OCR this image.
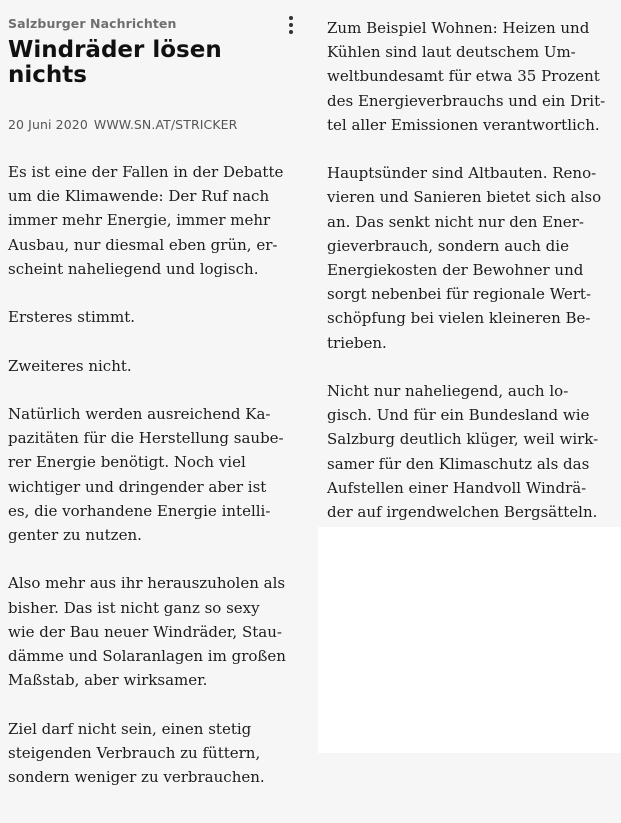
Salzburger Nachrichten
Windräder lösen nichts
20 Juni 2020 WWW.SN.AT/STRICKER

Es ist eine der Fallen in der Debatte
um die Klimawende: Der Ruf nach
immer mehr Energie, immer mehr
Ausbau, nur diesmal eben grün, er-
scheint naheliegend und logisch.

Ersteres stimmt.

Zweiteres nicht.

Natürlich werden ausreichend Ka-
pazitäten für die Herstellung saube-
rer Energie benötigt. Noch viel
wichtiger und dringender aber ist
es, die vorhandene Energie intelli-
genter zu nutzen.

Also mehr aus ihr herauszuholen als
bisher. Das ist nicht ganz so sexy
wie der Bau neuer Windräder, Stau-
dämme und Solaranlagen im großen
Maßstab, aber wirksamer.

Ziel darf nicht sein, einen stetig
steigenden Verbrauch zu füttern,
sondern weniger zu verbrauchen.

Zum Beispiel Wohnen: Heizen und
Kühlen sind laut deutschem Um-
weltbundesamt für etwa 35 Prozent
des Energieverbrauchs und ein Drit-
tel aller Emissionen verantwortlich.

Hauptsünder sind Altbauten. Reno-
vieren und Sanieren bietet sich also
an. Das senkt nicht nur den Ener-
gieverbrauch, sondern auch die
Energiekosten der Bewohner und
sorgt nebenbei für regionale Wert-
schöpfung bei vielen kleineren Be-
trieben.

Nicht nur naheliegend, auch lo-
gisch. Und für ein Bundesland wie
Salzburg deutlich klüger, weil wirk-
samer für den Klimaschutz als das
Aufstellen einer Handvoll Windrä-
der auf irgendwelchen Bergsätteln.
